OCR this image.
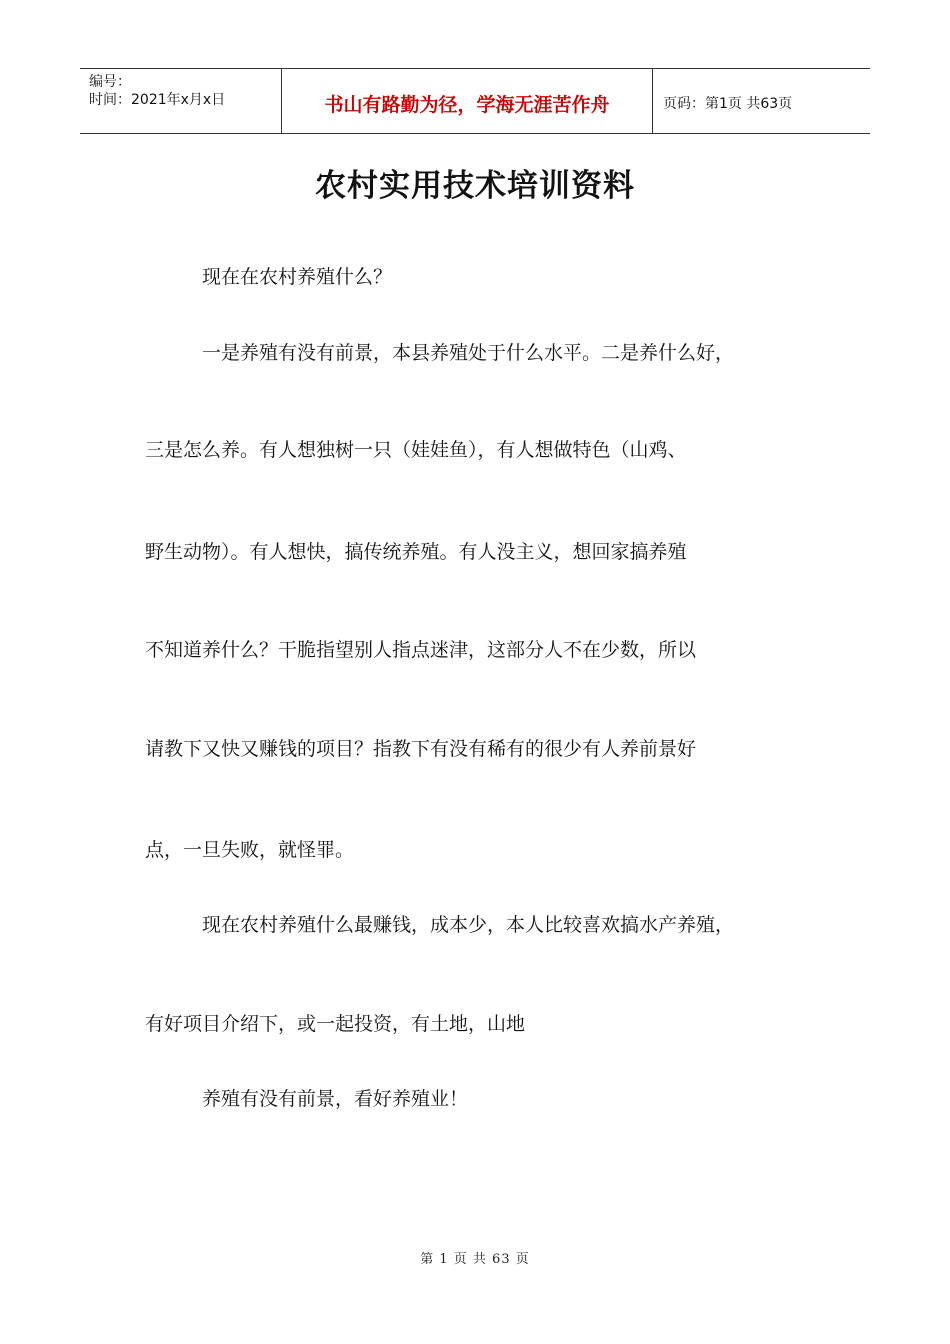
编号：
时间：2021年x月x日	书山有路勤为径，学海无涯苦作舟	页码：第1页 共63页
农村实用技术培训资料
现在在农村养殖什么？
一是养殖有没有前景，本县养殖处于什么水平。二是养什么好，
三是怎么养。有人想独树一只（娃娃鱼），有人想做特色（山鸡、
野生动物）。有人想快，搞传统养殖。有人没主义，想回家搞养殖
不知道养什么？干脆指望别人指点迷津，这部分人不在少数，所以
请教下又快又赚钱的项目？指教下有没有稀有的很少有人养前景好
点，一旦失败，就怪罪。
现在农村养殖什么最赚钱，成本少，本人比较喜欢搞水产养殖，
有好项目介绍下，或一起投资，有土地，山地
养殖有没有前景，看好养殖业！
第 1 页 共 63 页
